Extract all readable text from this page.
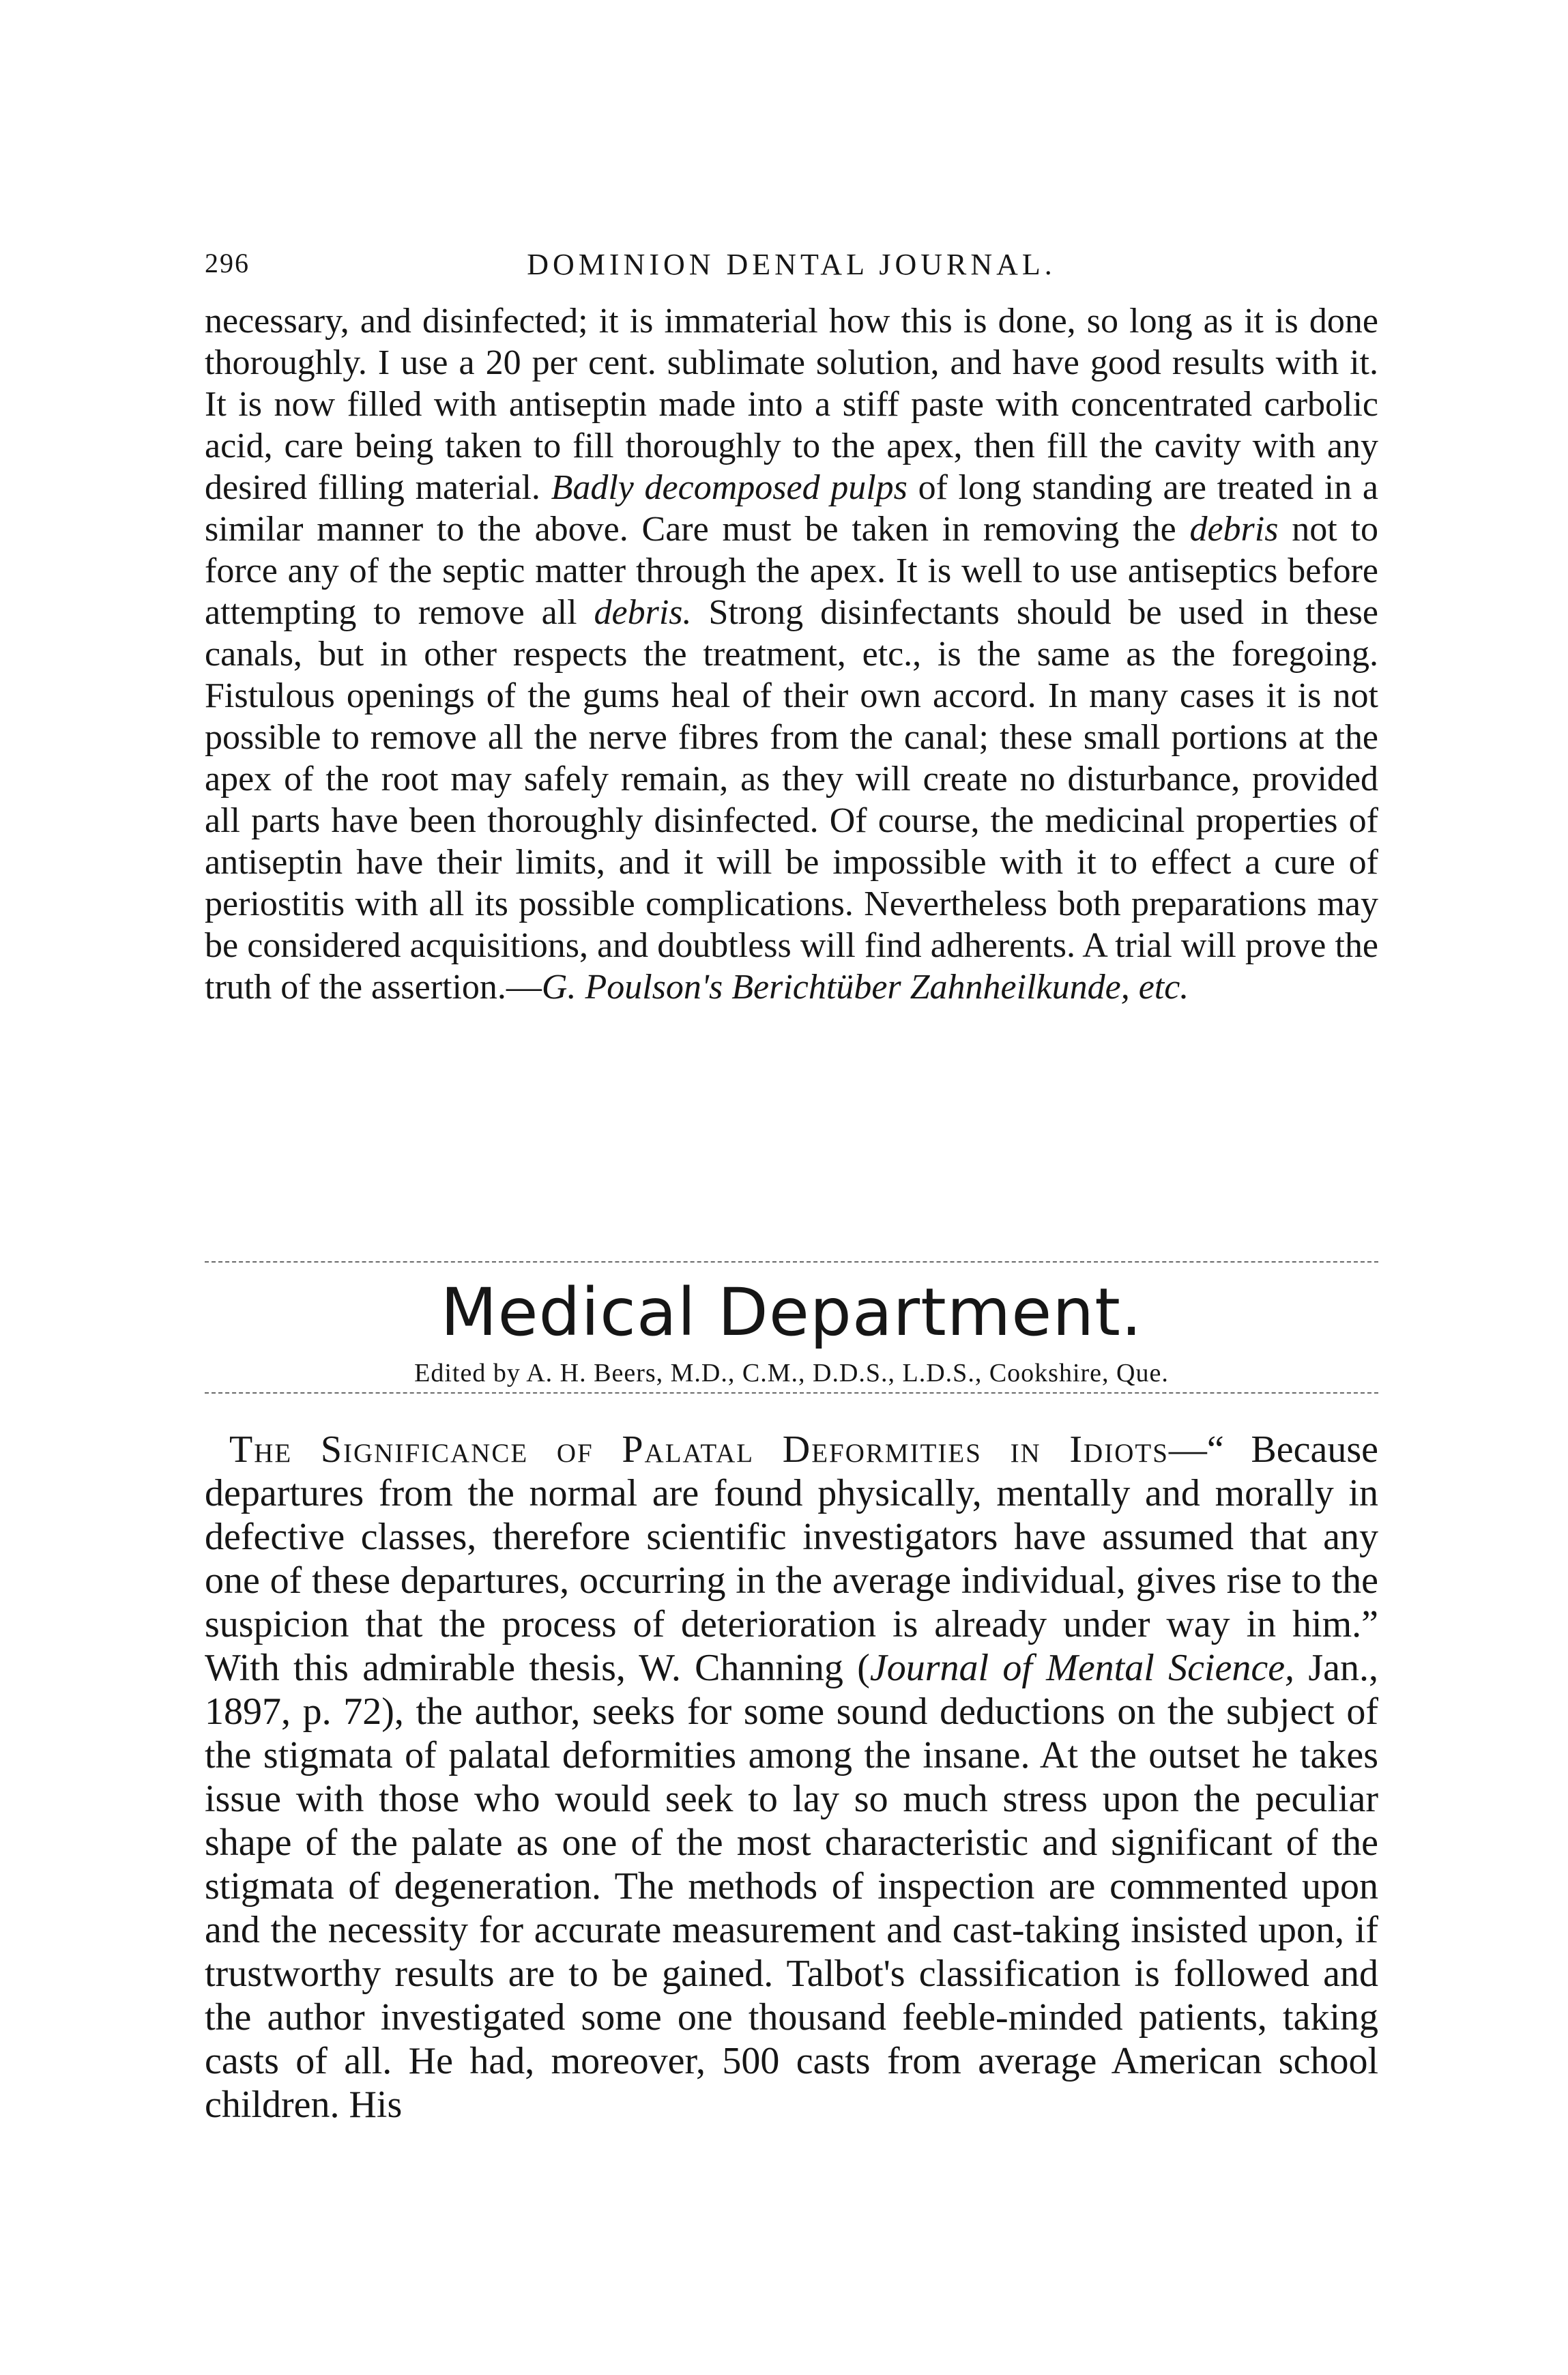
296	DOMINION DENTAL JOURNAL.

necessary, and disinfected; it is immaterial how this is done, so long as it is done thoroughly. I use a 20 per cent. sublimate solution, and have good results with it. It is now filled with antiseptin made into a stiff paste with concentrated carbolic acid, care being taken to fill thoroughly to the apex, then fill the cavity with any desired filling material. Badly decomposed pulps of long standing are treated in a similar manner to the above. Care must be taken in removing the debris not to force any of the septic matter through the apex. It is well to use antiseptics before attempting to remove all debris. Strong disinfectants should be used in these canals, but in other respects the treatment, etc., is the same as the foregoing. Fistulous openings of the gums heal of their own accord. In many cases it is not possible to remove all the nerve fibres from the canal; these small portions at the apex of the root may safely remain, as they will create no disturbance, provided all parts have been thoroughly disinfected. Of course, the medicinal properties of antiseptin have their limits, and it will be impossible with it to effect a cure of periostitis with all its possible complications. Nevertheless both preparations may be considered acquisitions, and doubtless will find adherents. A trial will prove the truth of the assertion.—G. Poulson's Berichtüber Zahnheilkunde, etc.

Medical Department.
Edited by A. H. Beers, M.D., C.M., D.D.S., L.D.S., Cookshire, Que.

The Significance of Palatal Deformities in Idiots—“ Because departures from the normal are found physically, mentally and morally in defective classes, therefore scientific investigators have assumed that any one of these departures, occurring in the average individual, gives rise to the suspicion that the process of deterioration is already under way in him.” With this admirable thesis, W. Channing (Journal of Mental Science, Jan., 1897, p. 72), the author, seeks for some sound deductions on the subject of the stigmata of palatal deformities among the insane. At the outset he takes issue with those who would seek to lay so much stress upon the peculiar shape of the palate as one of the most characteristic and significant of the stigmata of degeneration. The methods of inspection are commented upon and the necessity for accurate measurement and cast-taking insisted upon, if trustworthy results are to be gained. Talbot's classification is followed and the author investigated some one thousand feeble-minded patients, taking casts of all. He had, moreover, 500 casts from average American school children. His
